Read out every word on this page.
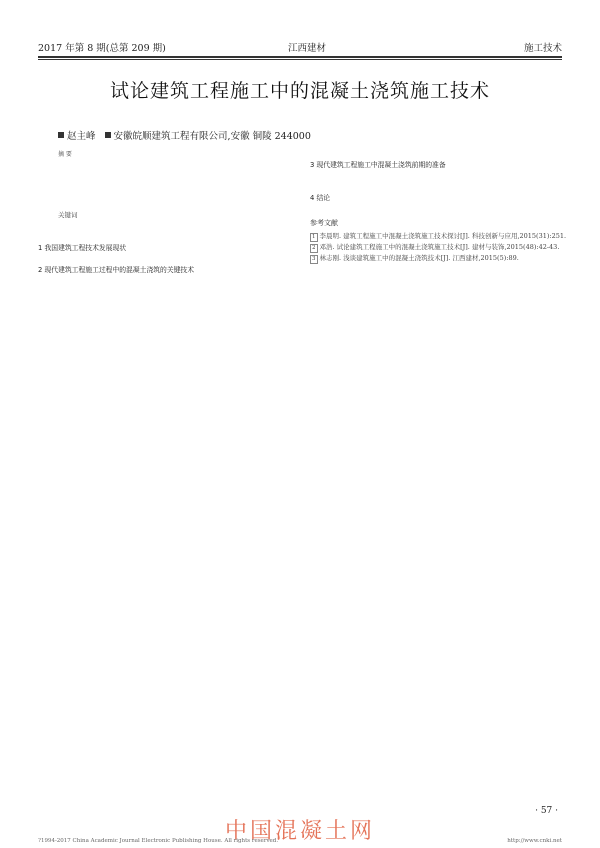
2017 年第 8 期(总第 209 期)	江西建材	施工技术
试论建筑工程施工中的混凝土浇筑施工技术
赵主峰 安徽皖顺建筑工程有限公司,安徽 铜陵 244000
摘 要
关键词

1 我国建筑工程技术发展现状

2 现代建筑工程施工过程中的混凝土浇筑的关键技术

3 现代建筑工程施工中混凝土浇筑前期的准备

4 结论

参考文献
1 李晨明. 建筑工程施工中混凝土浇筑施工技术探讨[J]. 科技创新与应用,2015(31):251.
2 邓浩. 试论建筑工程施工中的混凝土浇筑施工技术[J]. 建材与装饰,2015(48):42-43.
3 林志刚. 浅谈建筑施工中的混凝土浇筑技术[J]. 江西建材,2015(5):89.
· 57 ·
中国混凝土网
?1994-2017 China Academic Journal Electronic Publishing House. All rights reserved.	http://www.cnki.net
